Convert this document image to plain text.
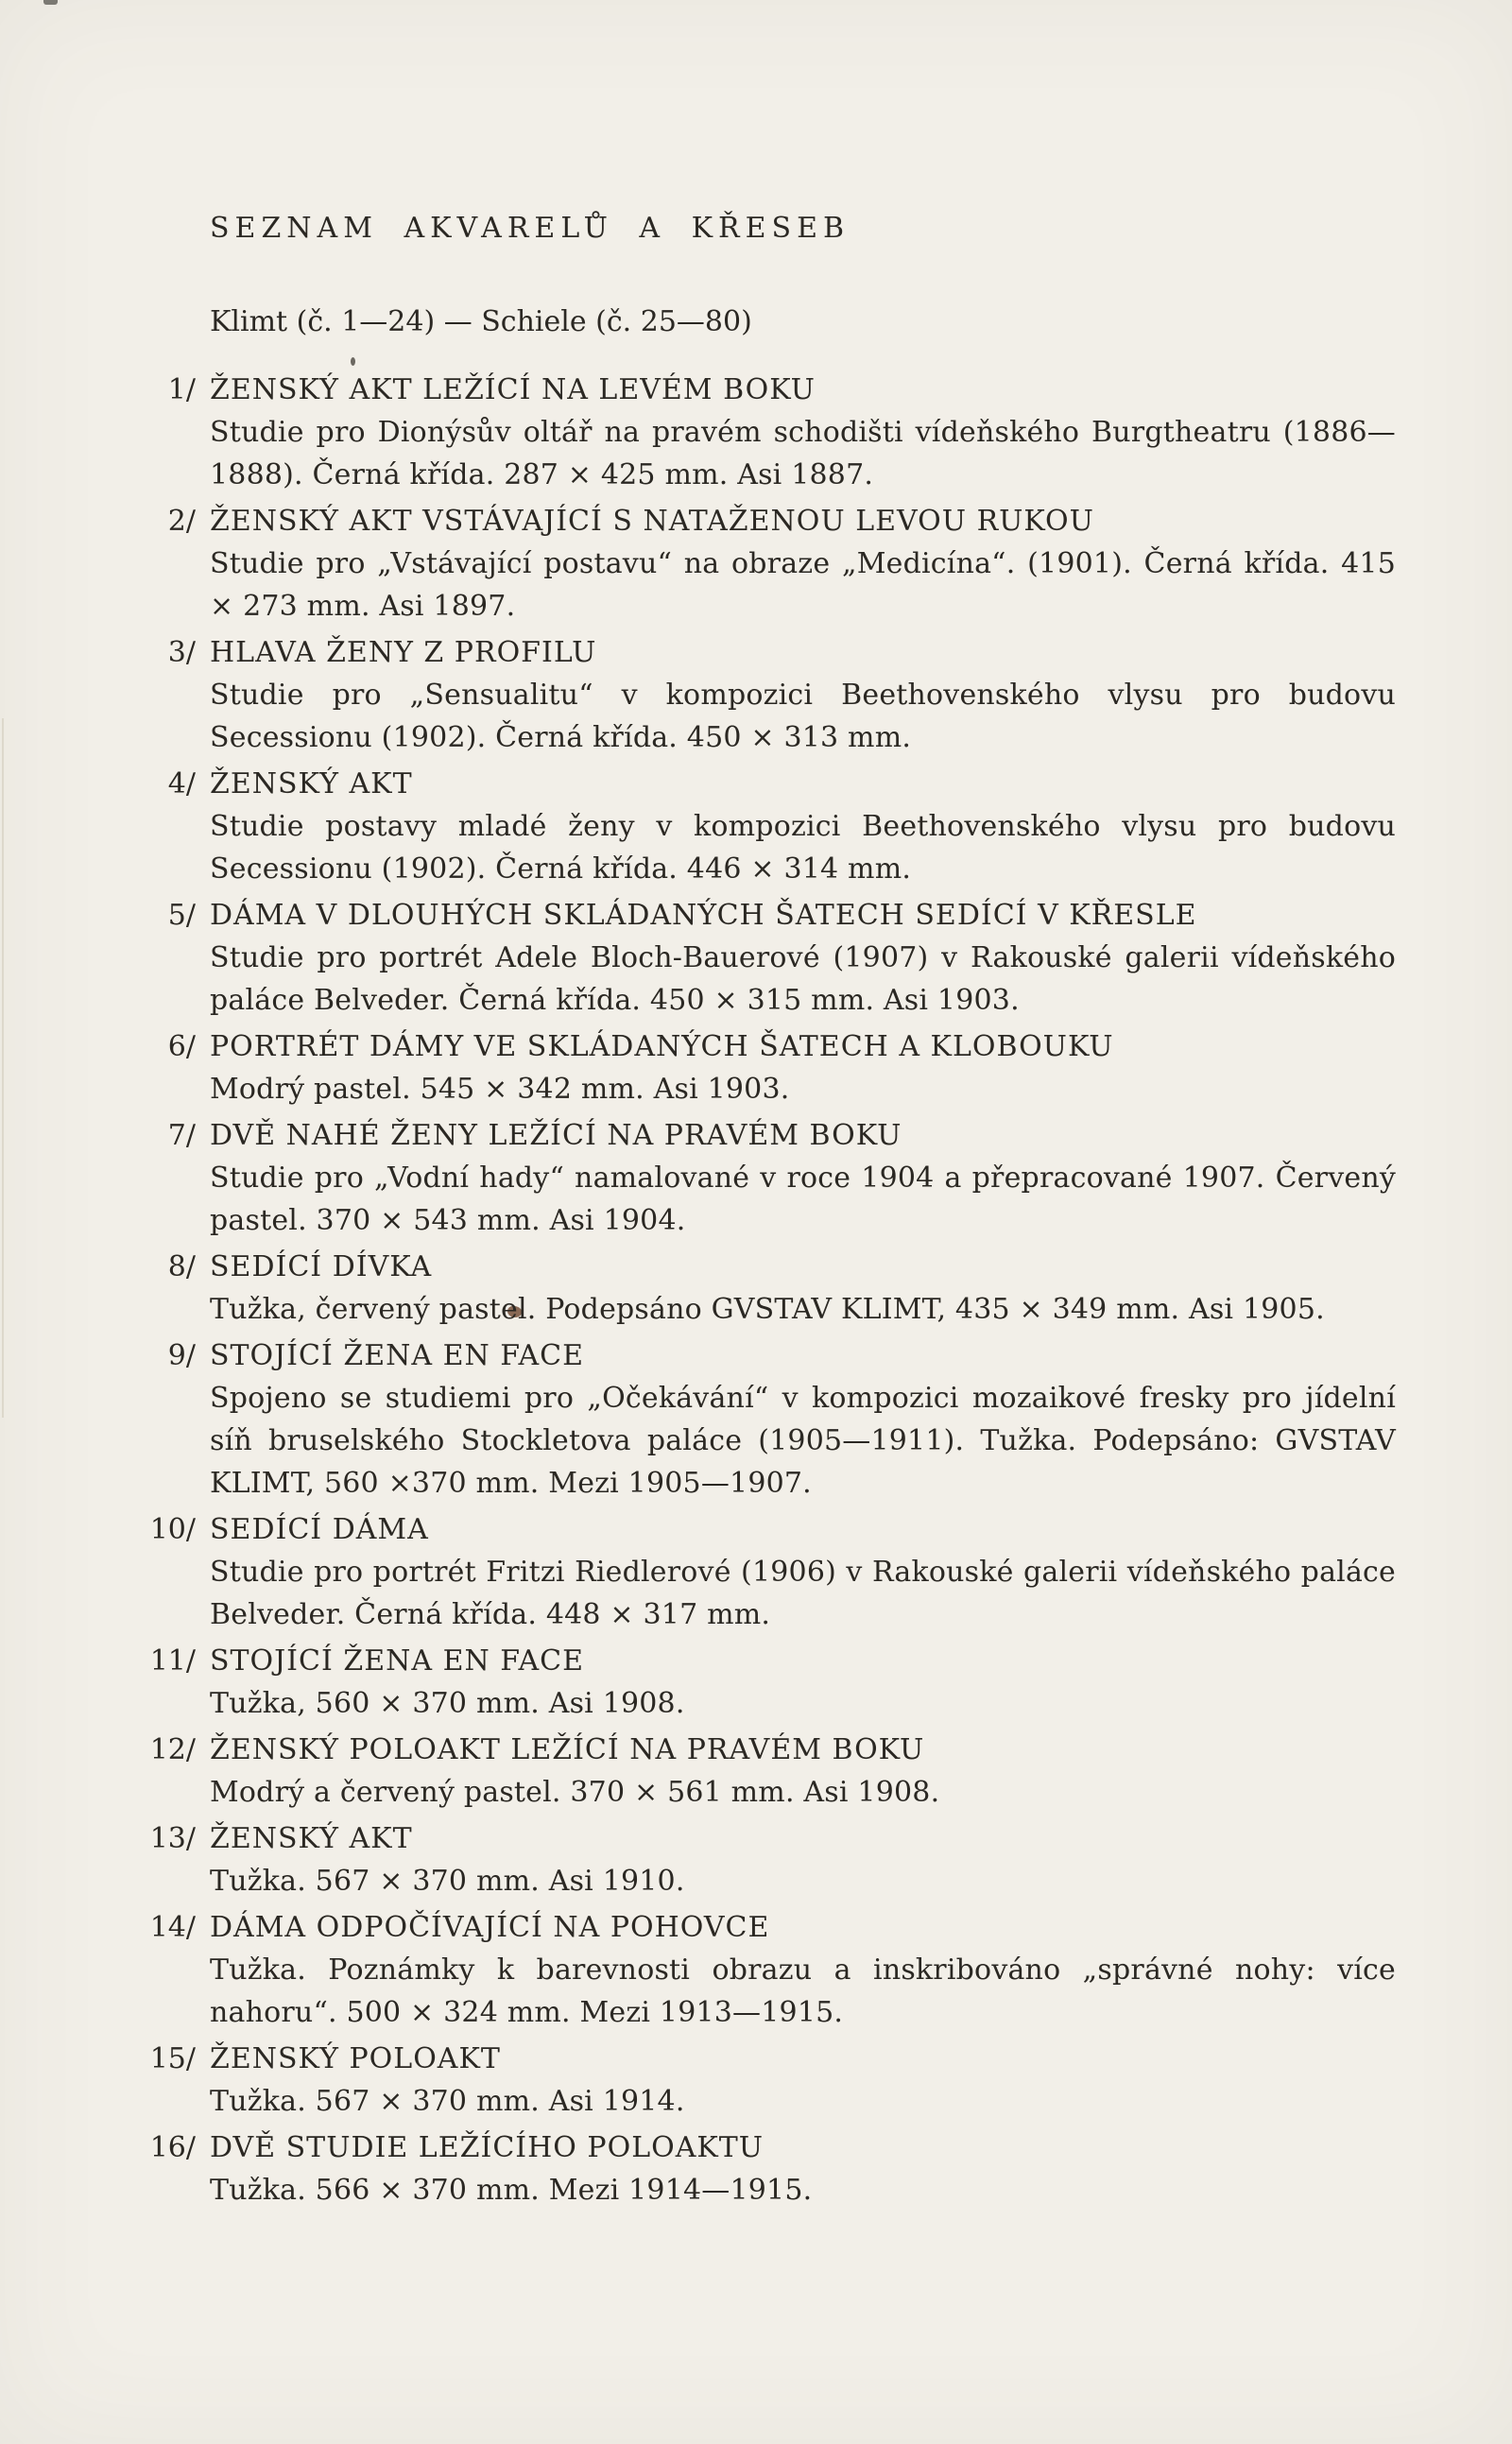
SEZNAM AKVARELŮ A KŘESEB

Klimt (č. 1—24) — Schiele (č. 25—80)

1/ ŽENSKÝ AKT LEŽÍCÍ NA LEVÉM BOKU
Studie pro Dionýsův oltář na pravém schodišti vídeňského Burgtheatru (1886—1888). Černá křída. 287 × 425 mm. Asi 1887.
2/ ŽENSKÝ AKT VSTÁVAJÍCÍ S NATAŽENOU LEVOU RUKOU
Studie pro „Vstávající postavu“ na obraze „Medicína“. (1901). Černá křída. 415 × 273 mm. Asi 1897.
3/ HLAVA ŽENY Z PROFILU
Studie pro „Sensualitu“ v kompozici Beethovenského vlysu pro budovu Secessionu (1902). Černá křída. 450 × 313 mm.
4/ ŽENSKÝ AKT
Studie postavy mladé ženy v kompozici Beethovenského vlysu pro budovu Secessionu (1902). Černá křída. 446 × 314 mm.
5/ DÁMA V DLOUHÝCH SKLÁDANÝCH ŠATECH SEDÍCÍ V KŘESLE
Studie pro portrét Adele Bloch-Bauerové (1907) v Rakouské galerii vídeňského paláce Belveder. Černá křída. 450 × 315 mm. Asi 1903.
6/ PORTRÉT DÁMY VE SKLÁDANÝCH ŠATECH A KLOBOUKU
Modrý pastel. 545 × 342 mm. Asi 1903.
7/ DVĚ NAHÉ ŽENY LEŽÍCÍ NA PRAVÉM BOKU
Studie pro „Vodní hady“ namalované v roce 1904 a přepracované 1907. Červený pastel. 370 × 543 mm. Asi 1904.
8/ SEDÍCÍ DÍVKA
Tužka, červený pastel. Podepsáno GVSTAV KLIMT, 435 × 349 mm. Asi 1905.
9/ STOJÍCÍ ŽENA EN FACE
Spojeno se studiemi pro „Očekávání“ v kompozici mozaikové fresky pro jídelní síň bruselského Stockletova paláce (1905—1911). Tužka. Podepsáno: GVSTAV KLIMT, 560 ×370 mm. Mezi 1905—1907.
10/ SEDÍCÍ DÁMA
Studie pro portrét Fritzi Riedlerové (1906) v Rakouské galerii vídeňského paláce Belveder. Černá křída. 448 × 317 mm.
11/ STOJÍCÍ ŽENA EN FACE
Tužka, 560 × 370 mm. Asi 1908.
12/ ŽENSKÝ POLOAKT LEŽÍCÍ NA PRAVÉM BOKU
Modrý a červený pastel. 370 × 561 mm. Asi 1908.
13/ ŽENSKÝ AKT
Tužka. 567 × 370 mm. Asi 1910.
14/ DÁMA ODPOČÍVAJÍCÍ NA POHOVCE
Tužka. Poznámky k barevnosti obrazu a inskribováno „správné nohy: více nahoru“. 500 × 324 mm. Mezi 1913—1915.
15/ ŽENSKÝ POLOAKT
Tužka. 567 × 370 mm. Asi 1914.
16/ DVĚ STUDIE LEŽÍCÍHO POLOAKTU
Tužka. 566 × 370 mm. Mezi 1914—1915.
